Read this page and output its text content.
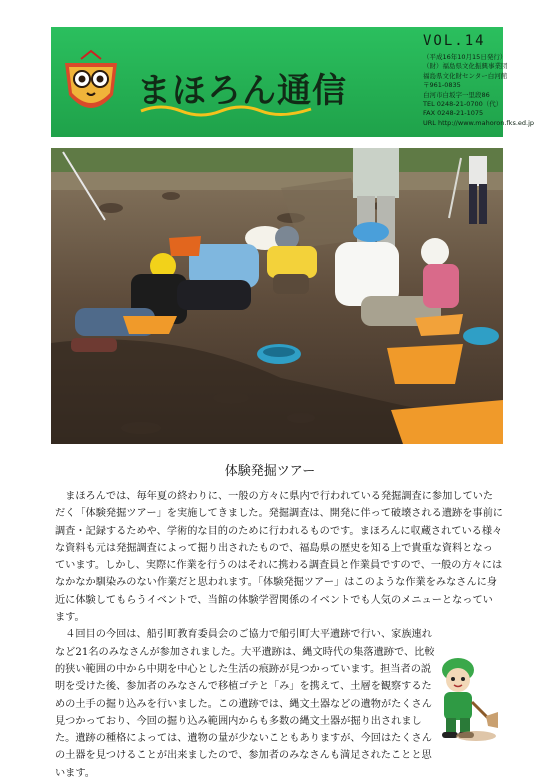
まほろん通信
VOL.14
（平成16年10月15日発行）
（財）福島県文化振興事業団
福島県文化財センター白河館
〒961-0835
白河市白坂字一里段86
TEL 0248-21-0700（代）
FAX 0248-21-1075
URL http://www.mahoron.fks.ed.jp
体験発掘ツアー

まほろんでは、毎年夏の終わりに、一般の方々に県内で行われている発掘調査に参加していただく「体験発掘ツアー」を実施してきました。発掘調査は、開発に伴って破壊される遺跡を事前に調査・記録するためや、学術的な目的のために行われるものです。まほろんに収蔵されている様々な資料も元は発掘調査によって掘り出されたもので、福島県の歴史を知る上で貴重な資料となっています。しかし、実際に作業を行うのはそれに携わる調査員と作業員ですので、一般の方々にはなかなか馴染みのない作業だと思われます。「体験発掘ツアー」はこのような作業をみなさんに身近に体験してもらうイベントで、当館の体験学習関係のイベントでも人気のメニューとなっています。

４回目の今回は、船引町教育委員会のご協力で船引町大平遺跡で行い、家族連れなど21名のみなさんが参加されました。大平遺跡は、縄文時代の集落遺跡で、比較的狭い範囲の中から中期を中心とした生活の痕跡が見つかっています。担当者の説明を受けた後、参加者のみなさんで移植ゴテと「み」を携えて、土層を観察するための土手の掘り込みを行いました。この遺跡では、縄文土器などの遺物がたくさん見つかっており、今回の掘り込み範囲内からも多数の縄文土器が掘り出されました。遺跡の種格によっては、遺物の量が少ないこともありますが、今回はたくさんの土器を見つけることが出来ましたので、参加者のみなさんも満足されたことと思います。
